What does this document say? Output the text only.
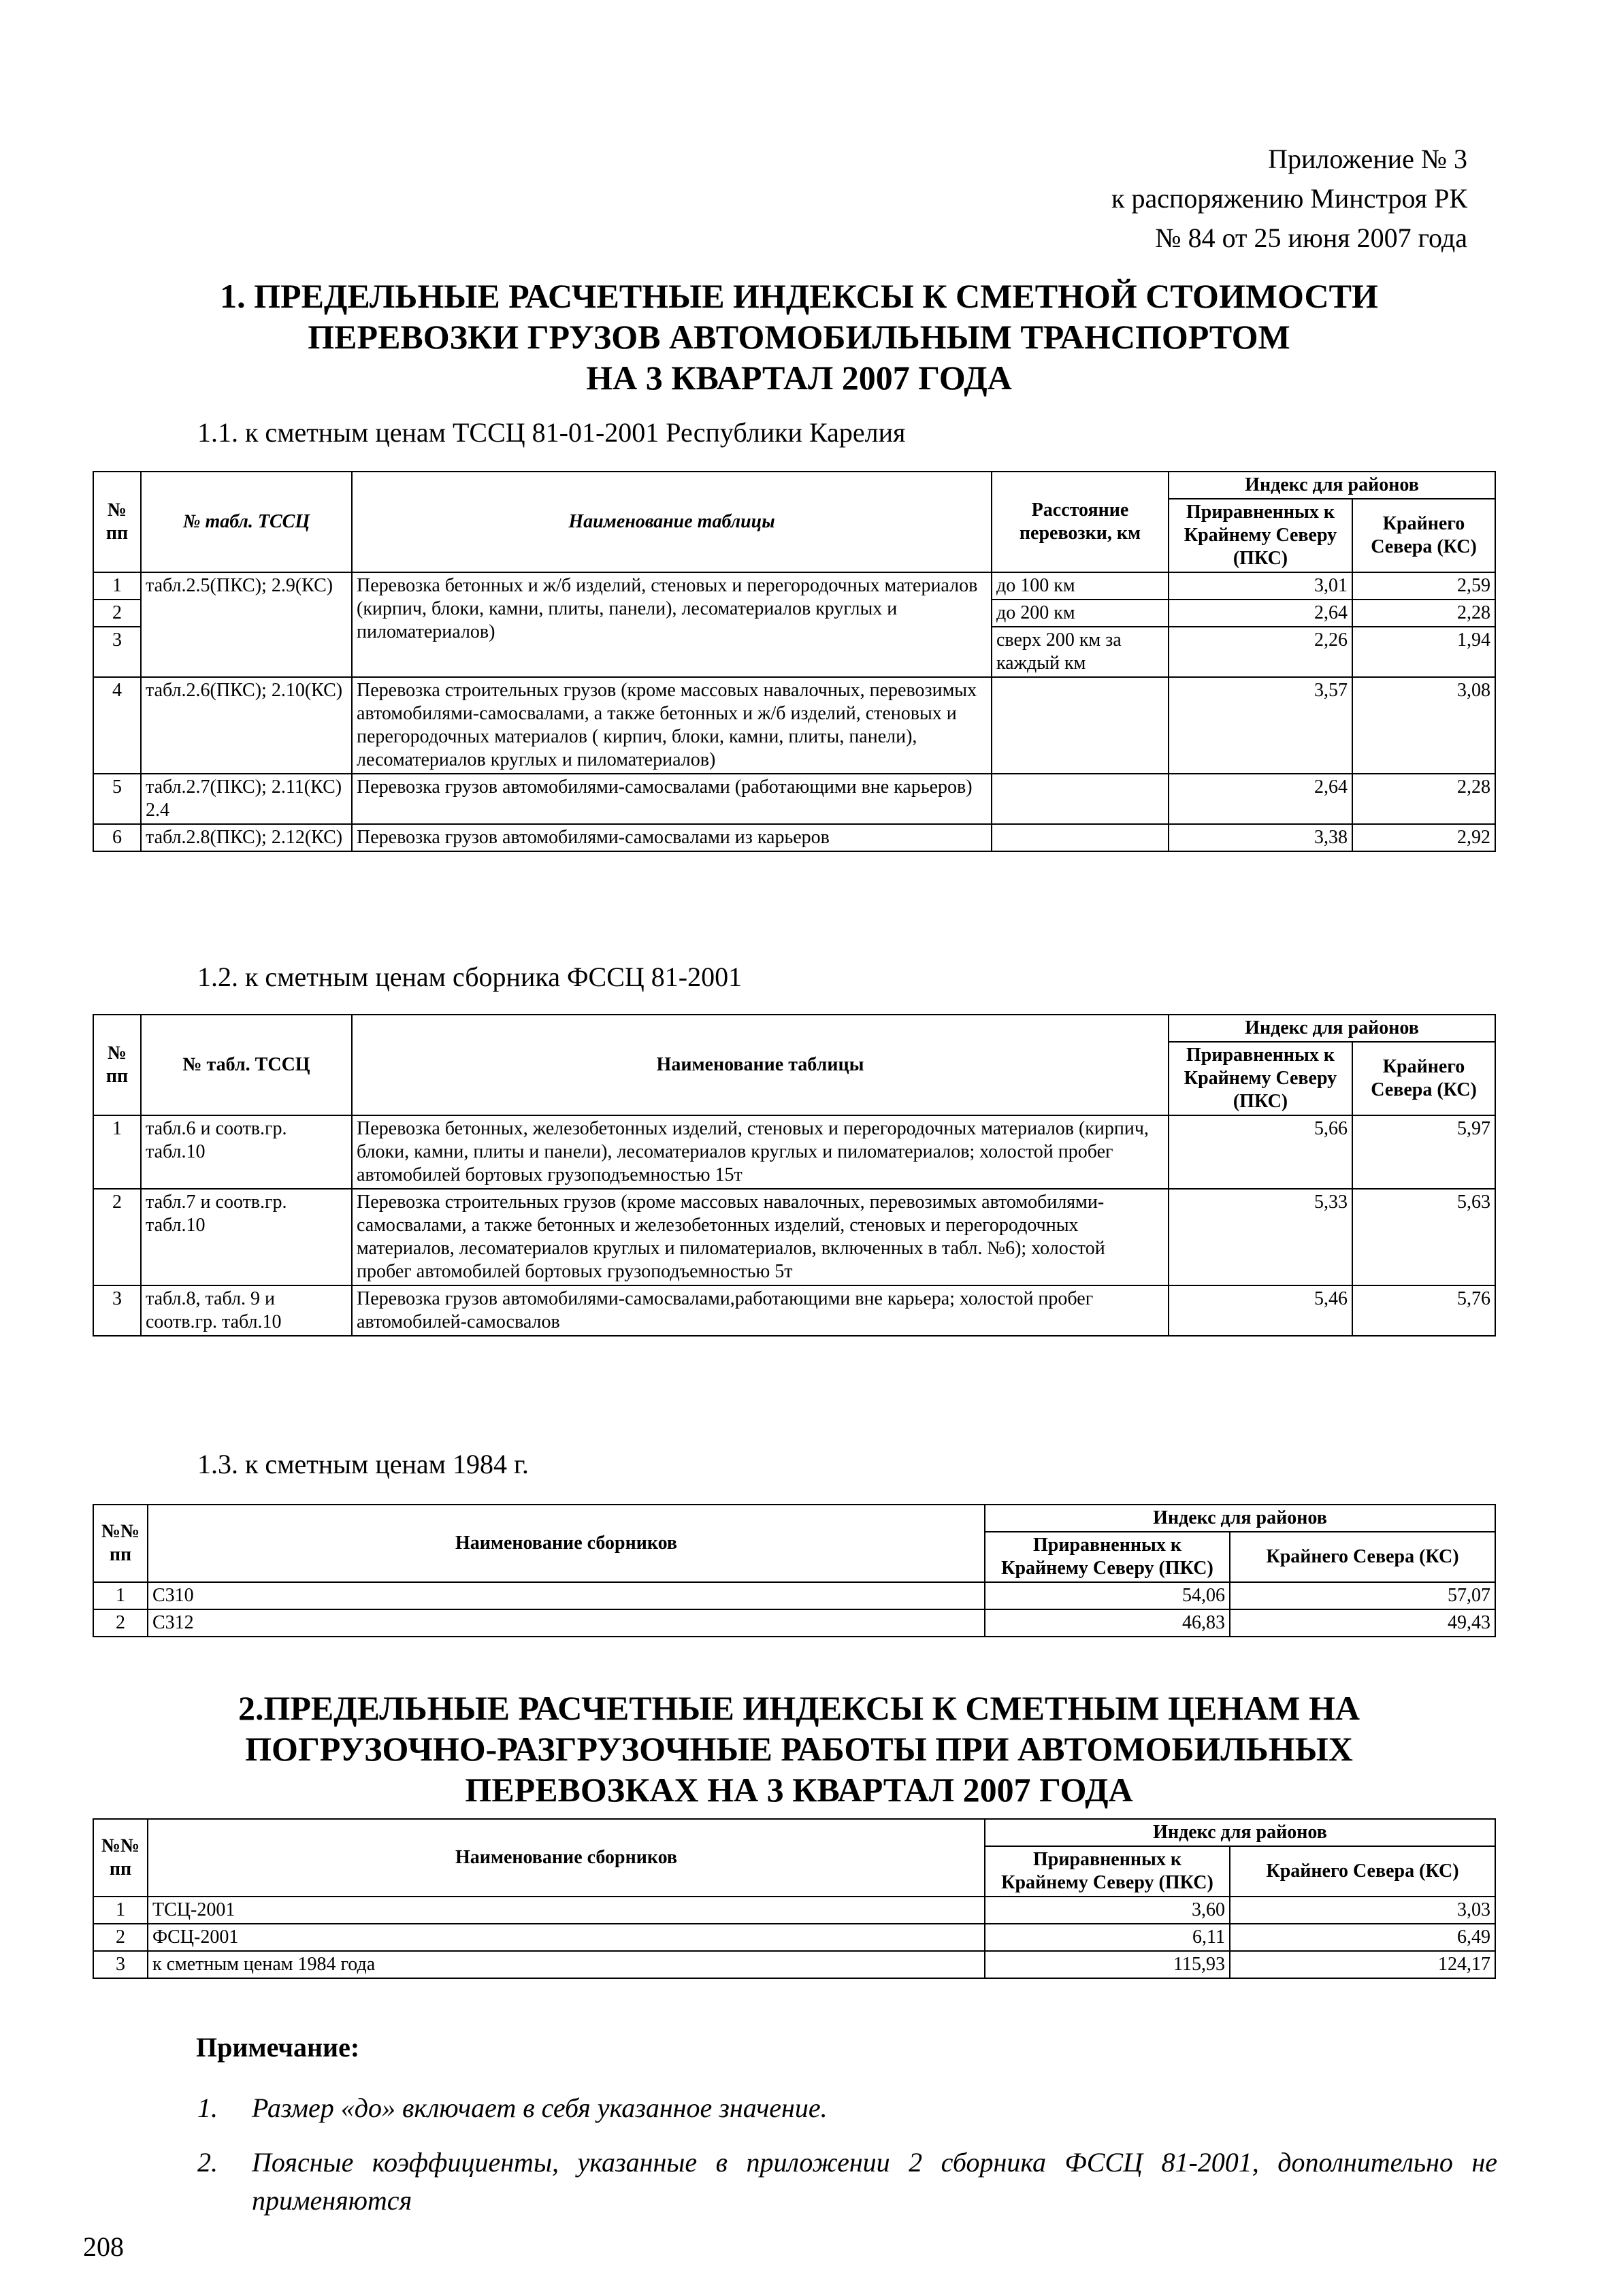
Приложение № 3
к распоряжению Минстроя РК
№ 84 от 25 июня 2007 года
1. ПРЕДЕЛЬНЫЕ РАСЧЕТНЫЕ ИНДЕКСЫ К СМЕТНОЙ СТОИМОСТИ
ПЕРЕВОЗКИ ГРУЗОВ АВТОМОБИЛЬНЫМ ТРАНСПОРТОМ
НА 3 КВАРТАЛ 2007 ГОДА
1.1. к сметным ценам ТССЦ 81-01-2001 Республики Карелия
№ пп	№ табл. ТССЦ	Наименование таблицы	Расстояние перевозки, км	Индекс для районов	
				Приравненных к Крайнему Северу (ПКС)	Крайнего Севера (КС)
1	табл.2.5(ПКС); 2.9(КС)	Перевозка бетонных и ж/б изделий, стеновых и перегородочных материалов (кирпич, блоки, камни, плиты, панели), лесоматериалов круглых и пиломатериалов)	до 100 км	3,01	2,59
2			до 200 км	2,64	2,28
3			сверх 200 км за каждый км	2,26	1,94
4	табл.2.6(ПКС); 2.10(КС)	Перевозка строительных грузов (кроме массовых навалочных, перевозимых автомобилями-самосвалами, а также бетонных и ж/б изделий, стеновых и перегородочных материалов ( кирпич, блоки, камни, плиты, панели), лесоматериалов круглых и пиломатериалов)		3,57	3,08
5	табл.2.7(ПКС); 2.11(КС) 2.4	Перевозка грузов автомобилями-самосвалами (работающими вне карьеров)		2,64	2,28
6	табл.2.8(ПКС); 2.12(КС)	Перевозка грузов автомобилями-самосвалами из карьеров		3,38	2,92
1.2. к сметным ценам сборника ФССЦ 81-2001
№ пп	№ табл. ТССЦ	Наименование таблицы	Индекс для районов	
			Приравненных к Крайнему Северу (ПКС)	Крайнего Севера (КС)
1	табл.6 и соотв.гр. табл.10	Перевозка бетонных, железобетонных изделий, стеновых и перегородочных материалов (кирпич, блоки, камни, плиты и панели), лесоматериалов круглых и пиломатериалов; холостой пробег автомобилей бортовых грузоподъемностью 15т	5,66	5,97
2	табл.7 и соотв.гр. табл.10	Перевозка строительных грузов (кроме массовых навалочных, перевозимых автомобилями-самосвалами, а также бетонных и железобетонных изделий, стеновых и перегородочных материалов, лесоматериалов круглых и пиломатериалов, включенных в табл. №6); холостой пробег автомобилей бортовых грузоподъемностью 5т	5,33	5,63
3	табл.8, табл. 9 и соотв.гр. табл.10	Перевозка грузов автомобилями-самосвалами,работающими вне карьера; холостой пробег автомобилей-самосвалов	5,46	5,76
1.3. к сметным ценам 1984 г.
№№ пп	Наименование сборников	Индекс для районов	
		Приравненных к Крайнему Северу (ПКС)	Крайнего Севера (КС)
1	С310	54,06	57,07
2	С312	46,83	49,43
2.ПРЕДЕЛЬНЫЕ РАСЧЕТНЫЕ ИНДЕКСЫ К СМЕТНЫМ ЦЕНАМ НА
ПОГРУЗОЧНО-РАЗГРУЗОЧНЫЕ РАБОТЫ ПРИ АВТОМОБИЛЬНЫХ
ПЕРЕВОЗКАХ НА 3 КВАРТАЛ 2007 ГОДА
№№ пп	Наименование сборников	Индекс для районов	
		Приравненных к Крайнему Северу (ПКС)	Крайнего Севера (КС)
1	ТСЦ-2001	3,60	3,03
2	ФСЦ-2001	6,11	6,49
3	к сметным ценам 1984 года	115,93	124,17
Примечание:
1. Размер «до» включает в себя указанное значение.
2. Поясные коэффициенты, указанные в приложении 2 сборника ФССЦ 81-2001, дополнительно не применяются
208
